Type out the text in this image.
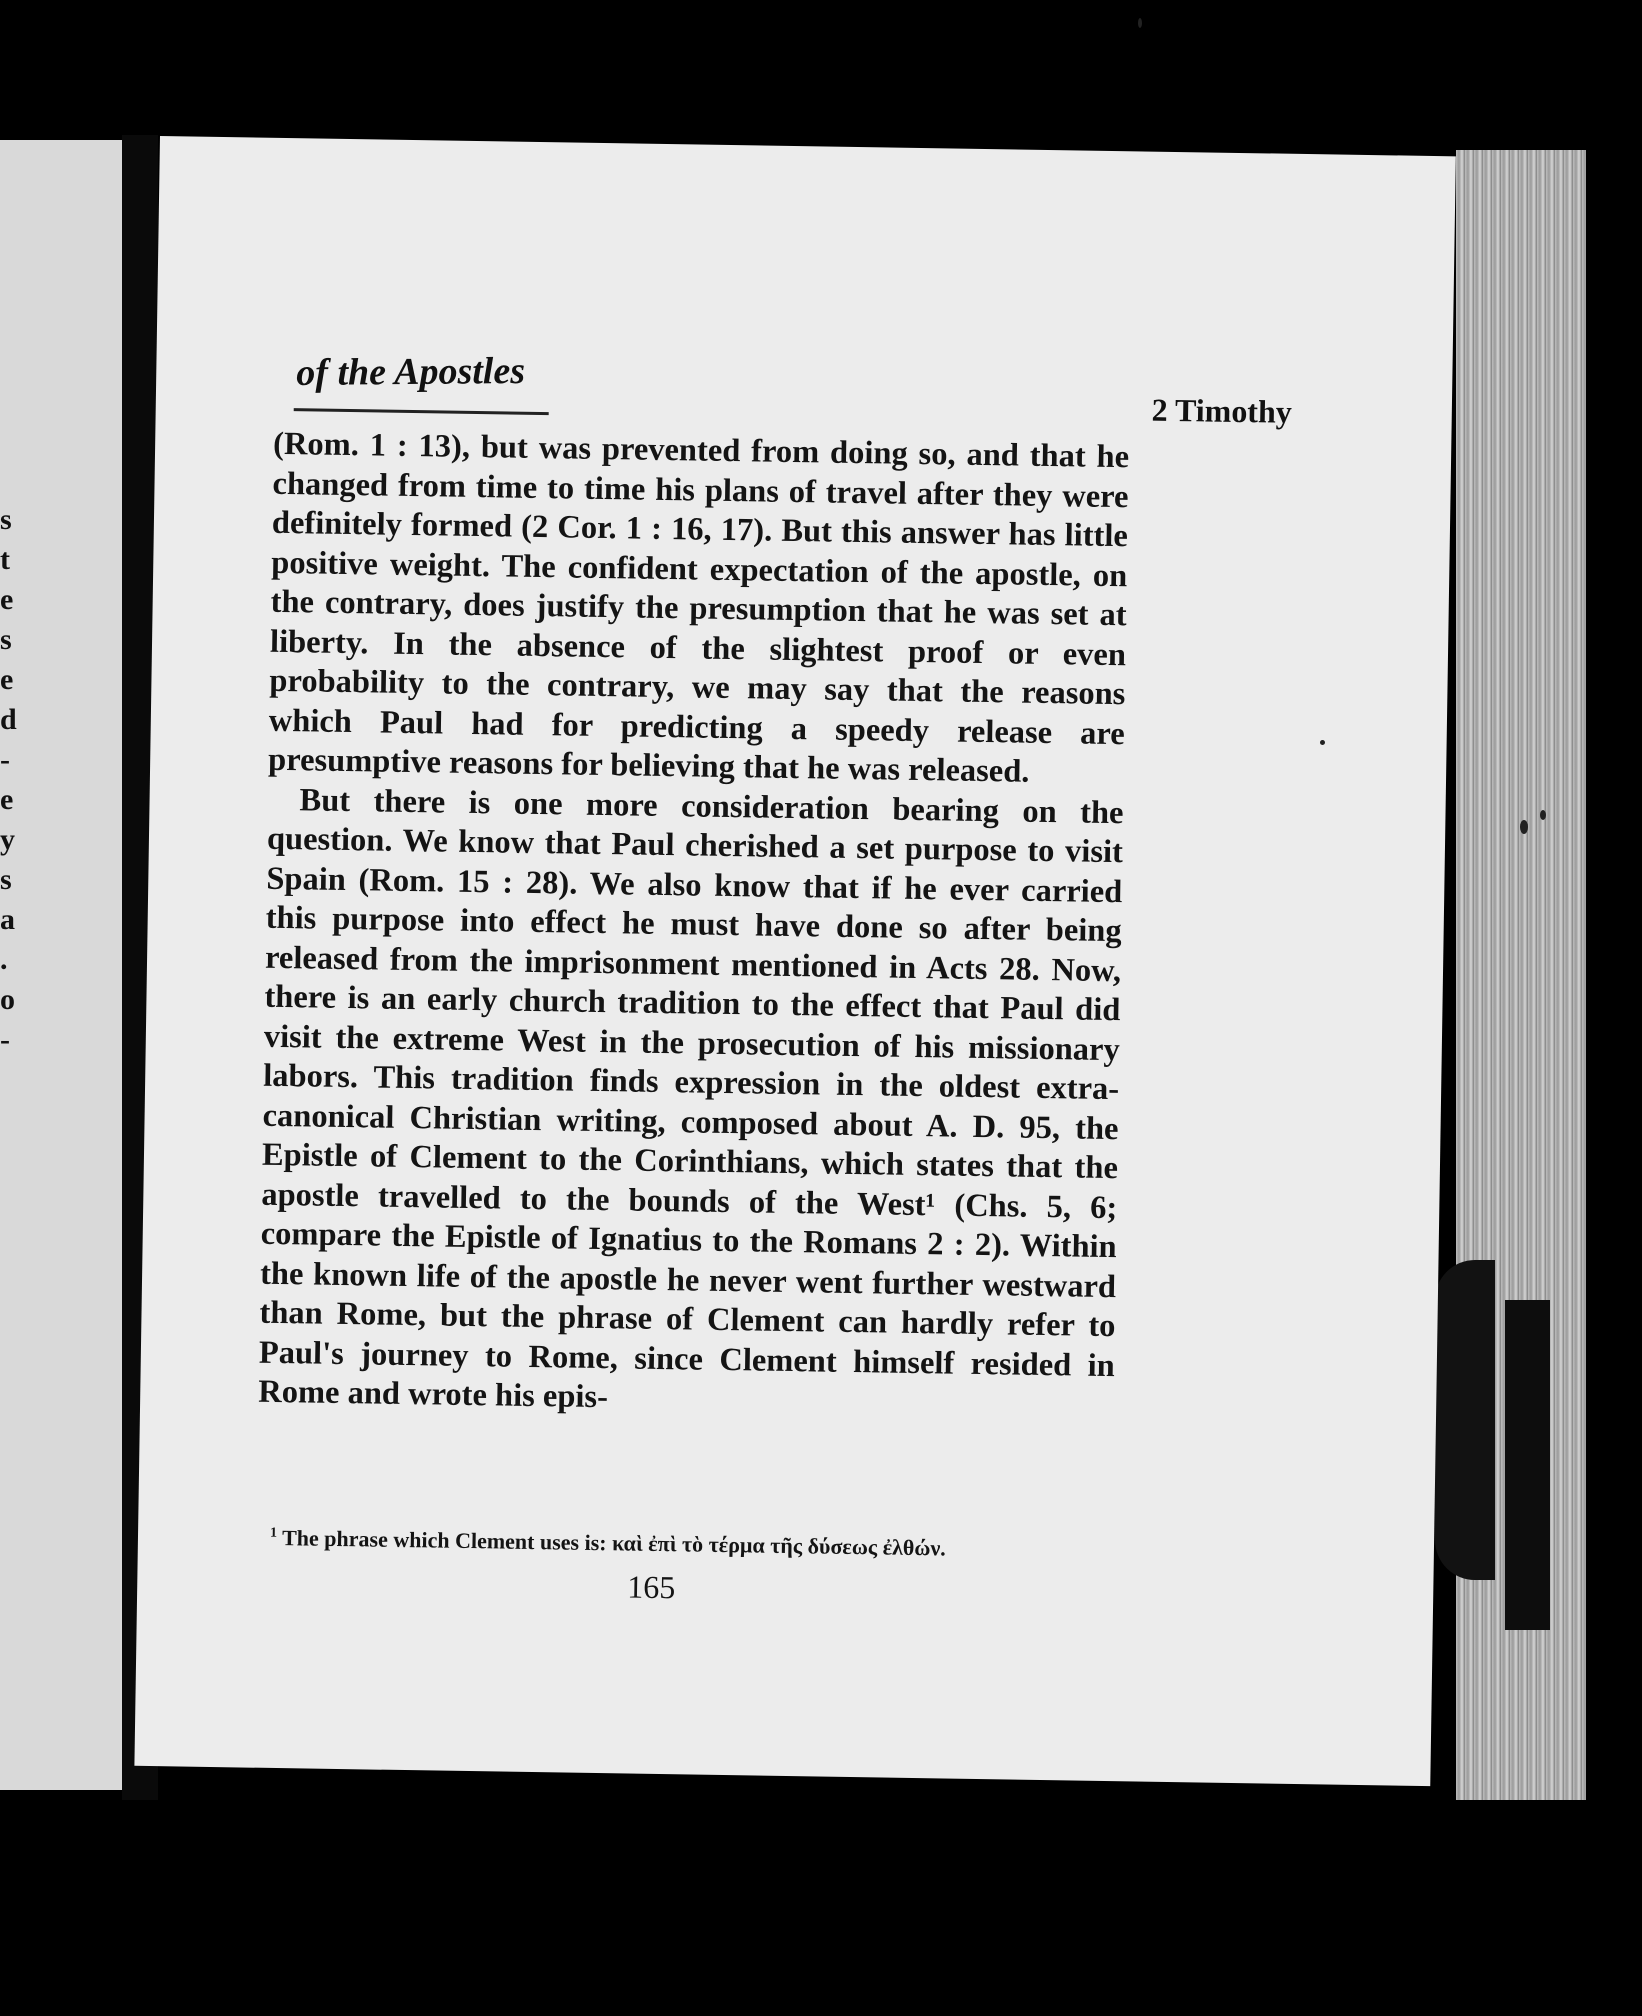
s
t
e
s
e
d
-
e
y
s
a
.
o
-
of the Apostles
2 Timothy

(Rom. 1 : 13), but was prevented from doing so, and that he changed from time to time his plans of travel after they were definitely formed (2 Cor. 1 : 16, 17). But this answer has little positive weight. The confident expectation of the apostle, on the contrary, does justify the presumption that he was set at liberty. In the absence of the slightest proof or even probability to the contrary, we may say that the reasons which Paul had for predicting a speedy release are presumptive reasons for believing that he was released.

But there is one more consideration bearing on the question. We know that Paul cherished a set purpose to visit Spain (Rom. 15 : 28). We also know that if he ever carried this purpose into effect he must have done so after being released from the imprisonment mentioned in Acts 28. Now, there is an early church tradition to the effect that Paul did visit the extreme West in the prosecution of his missionary labors. This tradition finds expression in the oldest extra-canonical Christian writing, composed about A. D. 95, the Epistle of Clement to the Corinthians, which states that the apostle travelled to the bounds of the West¹ (Chs. 5, 6; compare the Epistle of Ignatius to the Romans 2 : 2). Within the known life of the apostle he never went further westward than Rome, but the phrase of Clement can hardly refer to Paul's journey to Rome, since Clement himself resided in Rome and wrote his epis-

$^1$ The phrase which Clement uses is: καὶ ἐπὶ τὸ τέρμα τῆς δύσεως ἐλθών.
165
